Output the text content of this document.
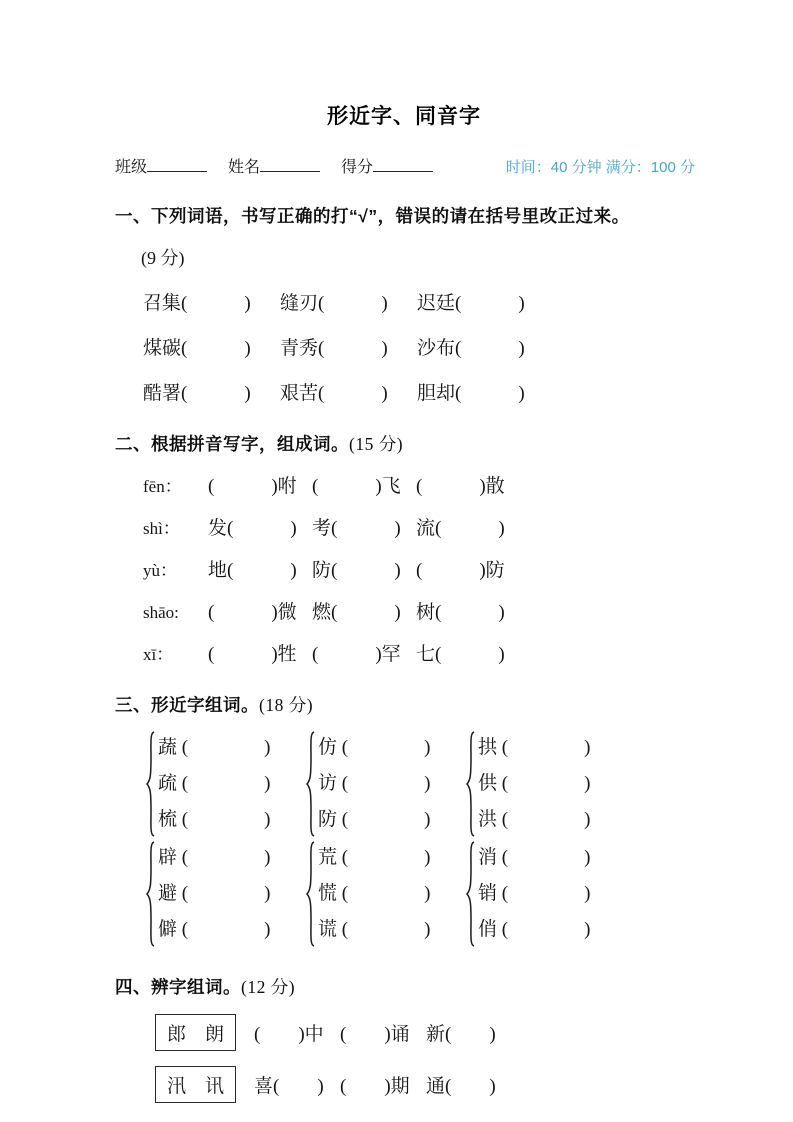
形近字、同音字
班级	姓名	得分	时间：40 分钟 满分：100 分
一、下列词语，书写正确的打“√”，错误的请在括号里改正过来。
(9 分)
召集(　　　)	缝刃(　　　)	迟廷(　　　)
煤碳(　　　)	青秀(　　　)	沙布(　　　)
酷署(　　　)	艰苦(　　　)	胆却(　　　)
二、根据拼音写字，组成词。(15 分)
fēn：	(　　　)咐 (　　　)飞 (　　　)散
shì：	发(　　　) 考(　　　) 流(　　　)
yù：	地(　　　) 防(　　　) (　　　)防
shāo:	(　　　)微 燃(　　　) 树(　　　)
xī：	(　　　)牲 (　　　)罕 七(　　　)
三、形近字组词。(18 分)
蔬 (　　　　)
疏 (　　　　)
梳 (　　　　)
仿 (　　　　)
访 (　　　　)
防 (　　　　)
拱 (　　　　)
供 (　　　　)
洪 (　　　　)
辟 (　　　　)
避 (　　　　)
僻 (　　　　)
荒 (　　　　)
慌 (　　　　)
谎 (　　　　)
消 (　　　　)
销 (　　　　)
俏 (　　　　)
四、辨字组词。(12 分)
郎　朗	(　　)中 (　　)诵 新(　　)
汛　讯	喜(　　) (　　)期 通(　　)
